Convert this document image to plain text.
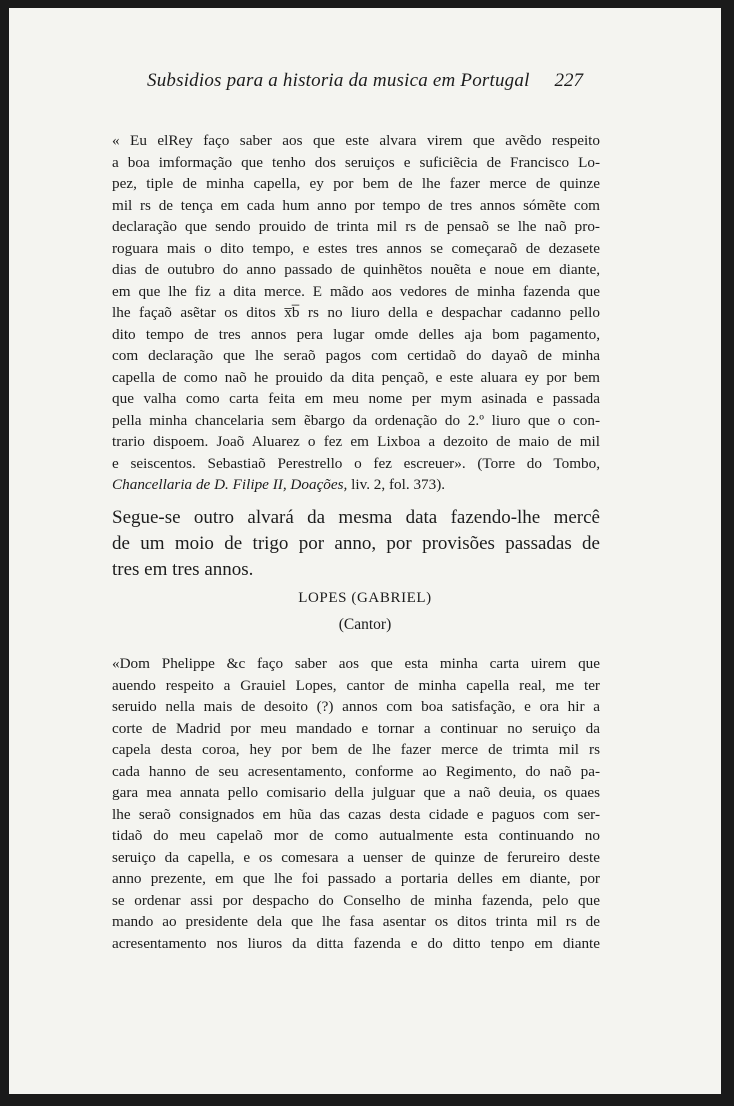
Subsidios para a historia da musica em Portugal 227
« Eu elRey faço saber aos que este alvara virem que avẽdo respeito
a boa imformação que tenho dos seruiços e suficiẽcia de Francisco Lo-
pez, tiple de minha capella, ey por bem de lhe fazer merce de quinze
mil rs de tença em cada hum anno por tempo de tres annos sómẽte com
declaração que sendo prouido de trinta mil rs de pensaõ se lhe naõ pro-
roguara mais o dito tempo, e estes tres annos se começaraõ de dezasete
dias de outubro do anno passado de quinhẽtos nouẽta e noue em diante,
em que lhe fiz a dita merce. E mãdo aos vedores de minha fazenda que
lhe façaõ asẽtar os ditos x̅b̅ rs no liuro della e despachar cadanno pello
dito tempo de tres annos pera lugar omde delles aja bom pagamento,
com declaração que lhe seraõ pagos com certidaõ do dayaõ de minha
capella de como naõ he prouido da dita pençaõ, e este aluara ey por bem
que valha como carta feita em meu nome per mym asinada e passada
pella minha chancelaria sem ẽbargo da ordenação do 2.º liuro que o con-
trario dispoem. Joaõ Aluarez o fez em Lixboa a dezoito de maio de mil
e seiscentos. Sebastiaõ Perestrello o fez escreuer». (Torre do Tombo,
Chancellaria de D. Filipe II, Doações, liv. 2, fol. 373).
Segue-se outro alvará da mesma data fazendo-lhe mercê
de um moio de trigo por anno, por provisões passadas de
tres em tres annos.
LOPES (GABRIEL)
(Cantor)
«Dom Phelippe &c faço saber aos que esta minha carta uirem que
auendo respeito a Grauiel Lopes, cantor de minha capella real, me ter
seruido nella mais de desoito (?) annos com boa satisfação, e ora hir a
corte de Madrid por meu mandado e tornar a continuar no seruiço da
capela desta coroa, hey por bem de lhe fazer merce de trimta mil rs
cada hanno de seu acresentamento, conforme ao Regimento, do naõ pa-
gara mea annata pello comisario della julguar que a naõ deuia, os quaes
lhe seraõ consignados em hũa das cazas desta cidade e paguos com ser-
tidaõ do meu capelaõ mor de como autualmente esta continuando no
seruiço da capella, e os comesara a uenser de quinze de ferureiro deste
anno prezente, em que lhe foi passado a portaria delles em diante, por
se ordenar assi por despacho do Conselho de minha fazenda, pelo que
mando ao presidente dela que lhe fasa asentar os ditos trinta mil rs de
acresentamento nos liuros da ditta fazenda e do ditto tenpo em diante
